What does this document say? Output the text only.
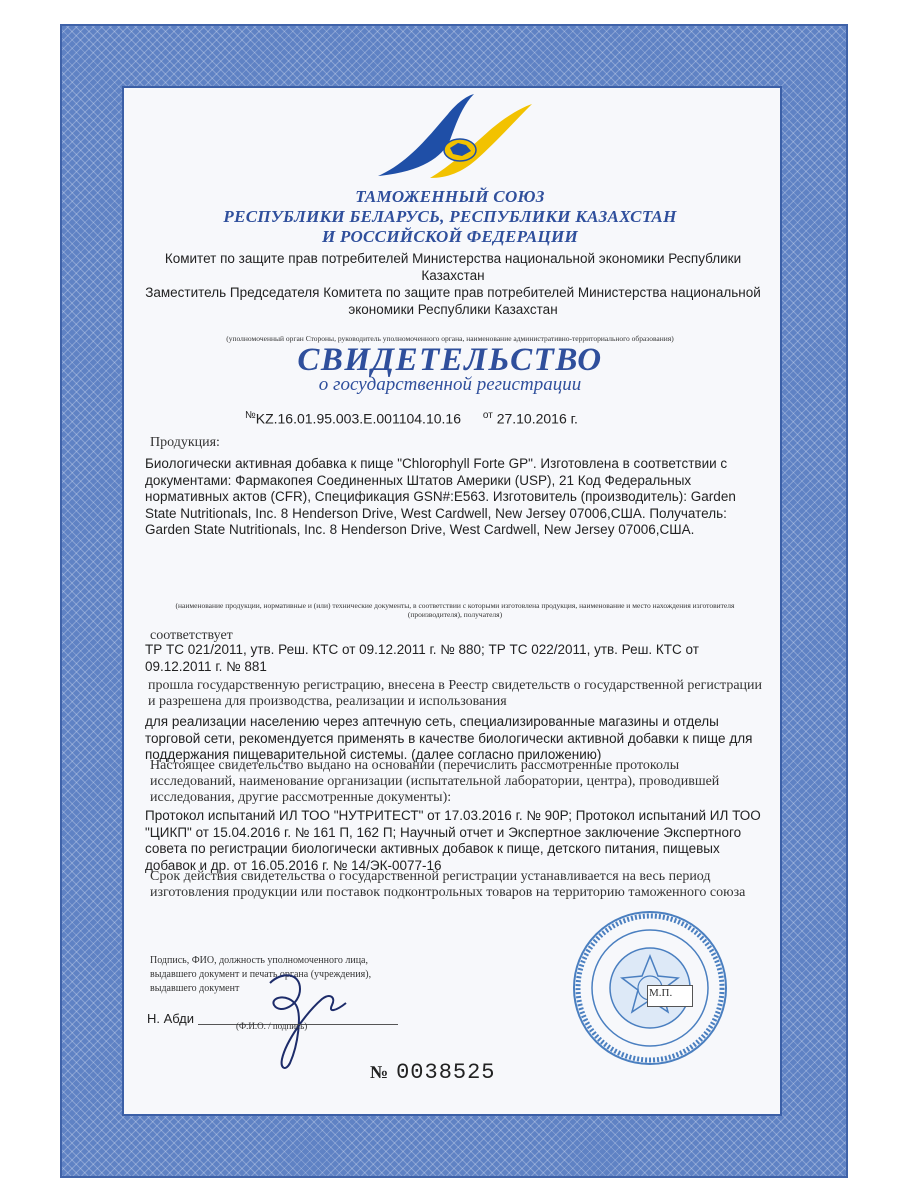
ТАМОЖЕННЫЙ СОЮЗ
РЕСПУБЛИКИ БЕЛАРУСЬ, РЕСПУБЛИКИ КАЗАХСТАН
И РОССИЙСКОЙ ФЕДЕРАЦИИ
Комитет по защите прав потребителей Министерства национальной экономики Республики Казахстан
Заместитель Председателя Комитета по защите прав потребителей Министерства национальной экономики Республики Казахстан
(уполномоченный орган Стороны, руководитель уполномоченного органа, наименование административно-территориального образования)
СВИДЕТЕЛЬСТВО
о государственной регистрации
№KZ.16.01.95.003.E.001104.10.16 $^{от}$ 27.10.2016 г.
Продукция:
Биологически активная добавка к пище "Chlorophyll Forte GP". Изготовлена в соответствии с документами: Фармакопея Соединенных Штатов Америки (USP), 21 Код Федеральных нормативных актов (CFR), Спецификация GSN#:E563. Изготовитель (производитель): Garden State Nutritionals, Inc. 8 Henderson Drive, West Cardwell, New Jersey 07006,США. Получатель: Garden State Nutritionals, Inc. 8 Henderson Drive, West Cardwell, New Jersey 07006,США.
(наименование продукции, нормативные и (или) технические документы, в соответствии с которыми изготовлена продукция, наименование и место нахождения изготовителя (производителя), получателя)
соответствует
ТР ТС 021/2011, утв. Реш. КТС от 09.12.2011 г. № 880; ТР ТС 022/2011, утв. Реш. КТС от 09.12.2011 г. № 881
прошла государственную регистрацию, внесена в Реестр свидетельств о государственной регистрации и разрешена для производства, реализации и использования
для реализации населению через аптечную сеть, специализированные магазины и отделы торговой сети, рекомендуется применять в качестве биологически активной добавки к пище для поддержания пищеварительной системы. (далее согласно приложению)
Настоящее свидетельство выдано на основании (перечислить рассмотренные протоколы исследований, наименование организации (испытательной лаборатории, центра), проводившей исследования, другие рассмотренные документы):
Протокол испытаний ИЛ ТОО "НУТРИТЕСТ" от 17.03.2016 г. № 90Р; Протокол испытаний ИЛ ТОО "ЦИКП" от 15.04.2016 г. № 161 П, 162 П; Научный отчет и Экспертное заключение Экспертного совета по регистрации биологически активных добавок к пище, детского питания, пищевых добавок и др. от 16.05.2016 г. № 14/ЭК-0077-16
Срок действия свидетельства о государственной регистрации устанавливается на весь период изготовления продукции или поставок подконтрольных товаров на территорию таможенного союза
Подпись, ФИО, должность уполномоченного лица,
выдавшего документ и печать органа (учреждения),
выдавшего документ
Н. Абди	(Ф.И.О. / подпись)
М.П.
№ 0038525
